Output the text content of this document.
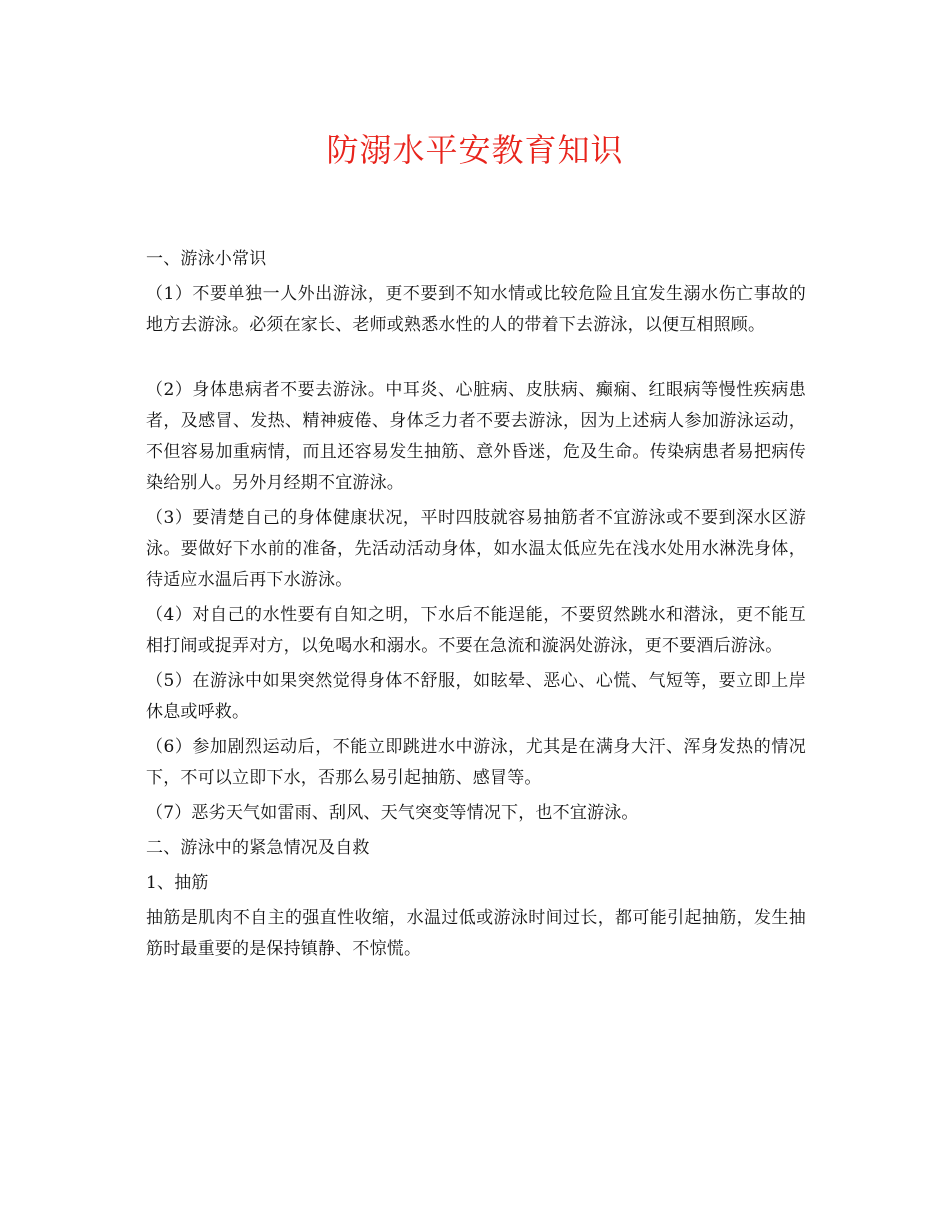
防溺水平安教育知识

一、游泳小常识

（1）不要单独一人外出游泳，更不要到不知水情或比较危险且宜发生溺水伤亡事故的地方去游泳。必须在家长、老师或熟悉水性的人的带着下去游泳，以便互相照顾。

（2）身体患病者不要去游泳。中耳炎、心脏病、皮肤病、癫痫、红眼病等慢性疾病患者，及感冒、发热、精神疲倦、身体乏力者不要去游泳，因为上述病人参加游泳运动，不但容易加重病情，而且还容易发生抽筋、意外昏迷，危及生命。传染病患者易把病传染给别人。另外月经期不宜游泳。

（3）要清楚自己的身体健康状况，平时四肢就容易抽筋者不宜游泳或不要到深水区游泳。要做好下水前的准备，先活动活动身体，如水温太低应先在浅水处用水淋洗身体，待适应水温后再下水游泳。

（4）对自己的水性要有自知之明，下水后不能逞能，不要贸然跳水和潜泳，更不能互相打闹或捉弄对方，以免喝水和溺水。不要在急流和漩涡处游泳，更不要酒后游泳。

（5）在游泳中如果突然觉得身体不舒服，如眩晕、恶心、心慌、气短等，要立即上岸休息或呼救。

（6）参加剧烈运动后，不能立即跳进水中游泳，尤其是在满身大汗、浑身发热的情况下，不可以立即下水，否那么易引起抽筋、感冒等。

（7）恶劣天气如雷雨、刮风、天气突变等情况下，也不宜游泳。

二、游泳中的紧急情况及自救

1、抽筋

抽筋是肌肉不自主的强直性收缩，水温过低或游泳时间过长，都可能引起抽筋，发生抽筋时最重要的是保持镇静、不惊慌。
